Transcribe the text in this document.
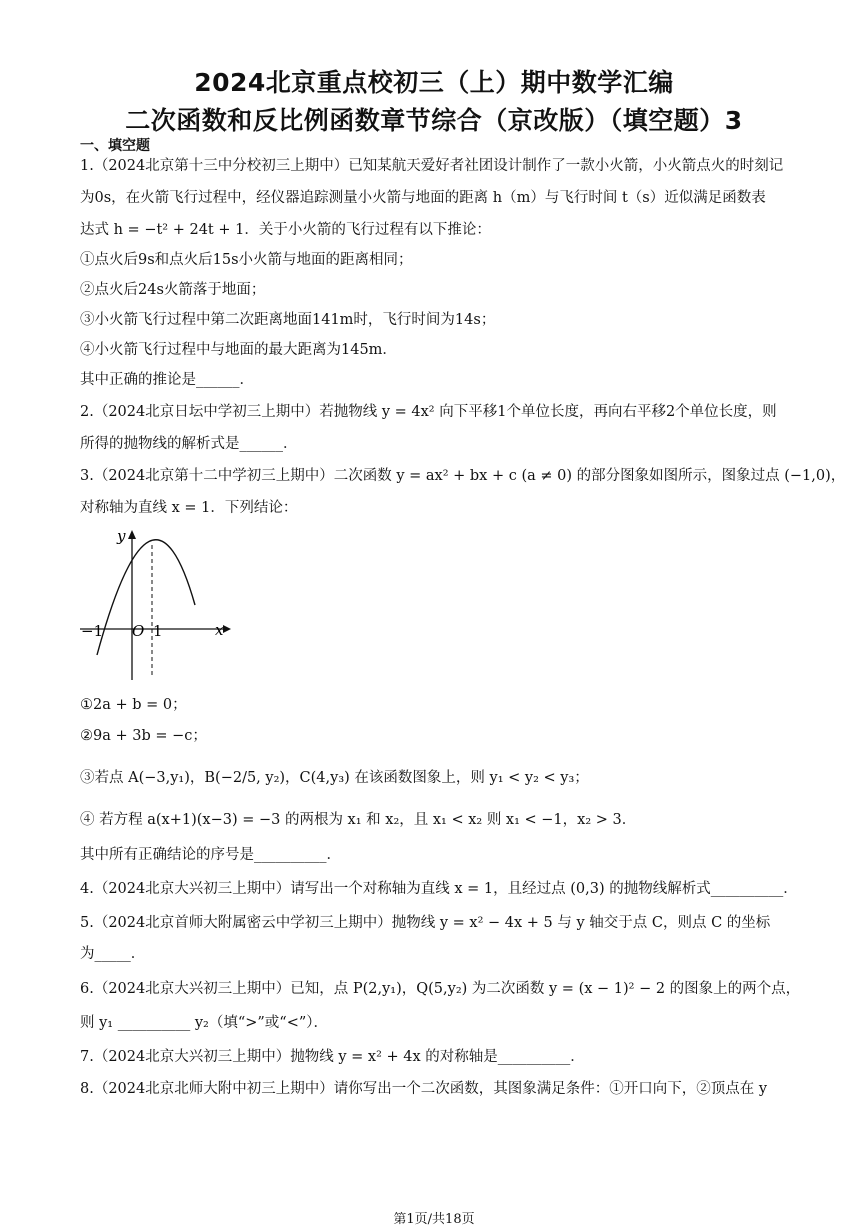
2024北京重点校初三（上）期中数学汇编
二次函数和反比例函数章节综合（京改版）（填空题）3
一、填空题
1.（2024北京第十三中分校初三上期中）已知某航天爱好者社团设计制作了一款小火箭，小火箭点火的时刻记
为0s，在火箭飞行过程中，经仪器追踪测量小火箭与地面的距离 h（m）与飞行时间 t（s）近似满足函数表
达式 h = −t² + 24t + 1．关于小火箭的飞行过程有以下推论：
①点火后9s和点火后15s小火箭与地面的距离相同；
②点火后24s火箭落于地面；
③小火箭飞行过程中第二次距离地面141m时，飞行时间为14s；
④小火箭飞行过程中与地面的最大距离为145m．
其中正确的推论是______．
2.（2024北京日坛中学初三上期中）若抛物线 y = 4x² 向下平移1个单位长度，再向右平移2个单位长度，则
所得的抛物线的解析式是______．
3.（2024北京第十二中学初三上期中）二次函数 y = ax² + bx + c (a ≠ 0) 的部分图象如图所示，图象过点 (−1,0)，
对称轴为直线 x = 1．下列结论：
y
x
O
−1	1
①2a + b = 0；
②9a + 3b = −c；
③若点 A(−3,y₁)，B(−2/5, y₂)，C(4,y₃) 在该函数图象上，则 y₁ < y₂ < y₃；
④ 若方程 a(x+1)(x−3) = −3 的两根为 x₁ 和 x₂，且 x₁ < x₂ 则 x₁ < −1，x₂ > 3．
其中所有正确结论的序号是__________．
4.（2024北京大兴初三上期中）请写出一个对称轴为直线 x = 1，且经过点 (0,3) 的抛物线解析式__________．
5.（2024北京首师大附属密云中学初三上期中）抛物线 y = x² − 4x + 5 与 y 轴交于点 C，则点 C 的坐标
为_____．
6.（2024北京大兴初三上期中）已知，点 P(2,y₁)，Q(5,y₂) 为二次函数 y = (x − 1)² − 2 的图象上的两个点，
则 y₁ __________ y₂（填“>”或“<”）．
7.（2024北京大兴初三上期中）抛物线 y = x² + 4x 的对称轴是__________．
8.（2024北京北师大附中初三上期中）请你写出一个二次函数，其图象满足条件：①开口向下，②顶点在 y
第1页/共18页
